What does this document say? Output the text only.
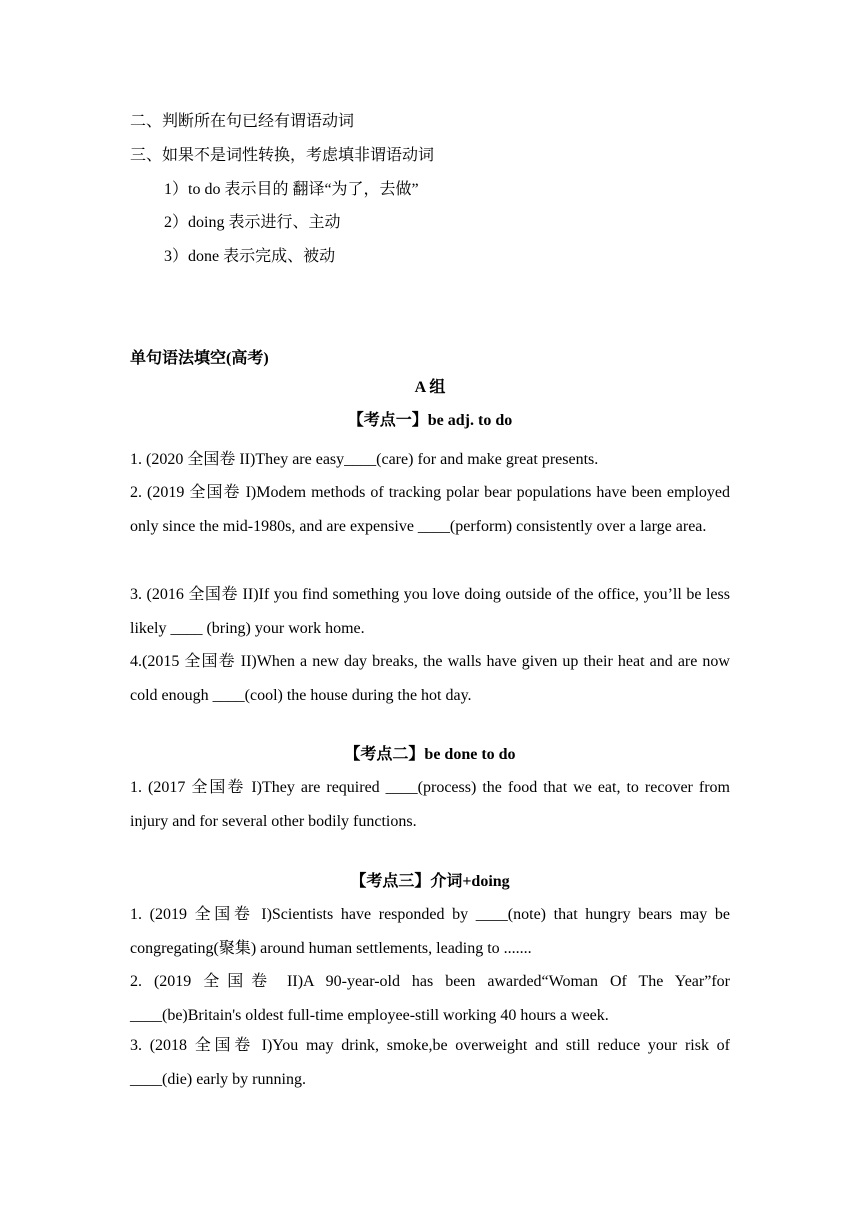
二、判断所在句已经有谓语动词
三、如果不是词性转换，考虑填非谓语动词
1）to do 表示目的 翻译“为了，去做”
2）doing 表示进行、主动
3）done 表示完成、被动
单句语法填空(高考)
A 组
【考点一】be adj. to do
1. (2020 全国卷 II)They are easy____(care) for and make great presents.
2. (2019 全国卷 I)Modem methods of tracking polar bear populations have been employed only since the mid-1980s, and are expensive ____(perform) consistently over a large area.
3. (2016 全国卷 II)If you find something you love doing outside of the office, you’ll be less likely ____ (bring) your work home.
4.(2015 全国卷 II)When a new day breaks, the walls have given up their heat and are now cold enough ____(cool) the house during the hot day.
【考点二】be done to do
1. (2017 全国卷 I)They are required ____(process) the food that we eat, to recover from injury and for several other bodily functions.
【考点三】介词+doing
1. (2019 全国卷 I)Scientists have responded by ____(note) that hungry bears may be congregating(聚集) around human settlements, leading to .......
2. (2019 全国卷 II)A 90-year-old has been awarded“Woman Of The Year”for ____(be)Britain's oldest full-time employee-still working 40 hours a week.
3. (2018 全国卷 I)You may drink, smoke,be overweight and still reduce your risk of ____(die) early by running.
